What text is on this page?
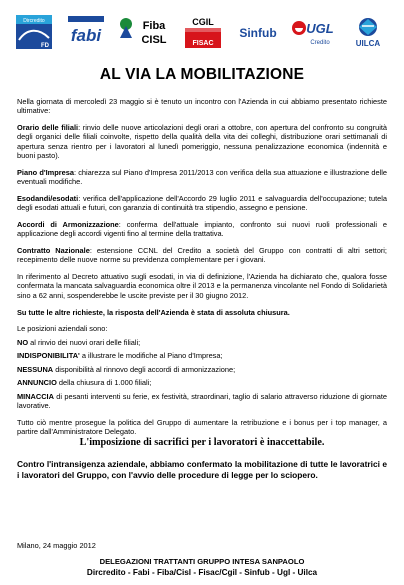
Dircredito
FD
fabi	Fiba
CISL
CGIL
FISAC
Sinfub UGL
Credito	UILCA
AL VIA LA MOBILITAZIONE

Nella giornata di mercoledì 23 maggio si è tenuto un incontro con l'Azienda in cui abbiamo presentato richieste ultimative:

Orario delle filiali: rinvio delle nuove articolazioni degli orari a ottobre, con apertura del confronto su congruità degli organici delle filiali coinvolte, rispetto della qualità della vita dei colleghi, distribuzione orari settimanali di apertura senza rientro per i lavoratori al lunedì pomeriggio, nessuna penalizzazione economica (indennità e buoni pasto).

Piano d'Impresa: chiarezza sul Piano d'Impresa 2011/2013 con verifica della sua attuazione e illustrazione delle eventuali modifiche.

Esodandi/esodati: verifica dell'applicazione dell'Accordo 29 luglio 2011 e salvaguardia dell'occupazione; tutela degli esodati attuali e futuri, con garanzia di continuità tra stipendio, assegno e pensione.

Accordi di Armonizzazione: conferma dell'attuale impianto, confronto sui nuovi ruoli professionali e applicazione degli accordi vigenti fino al termine della trattativa.

Contratto Nazionale: estensione CCNL del Credito a società del Gruppo con contratti di altri settori; recepimento delle nuove norme su previdenza complementare per i giovani.

In riferimento al Decreto attuativo sugli esodati, in via di definizione, l'Azienda ha dichiarato che, qualora fosse confermata la mancata salvaguardia economica oltre il 2013 e la permanenza vincolante nel Fondo di Solidarietà sino a 62 anni, sospenderebbe le uscite previste per il 30 giugno 2012.

Su tutte le altre richieste, la risposta dell'Azienda è stata di assoluta chiusura.

Le posizioni aziendali sono:

NO al rinvio dei nuovi orari delle filiali;

INDISPONIBILITA' a illustrare le modifiche al Piano d'Impresa;

NESSUNA disponibilità al rinnovo degli accordi di armonizzazione;

ANNUNCIO della chiusura di 1.000 filiali;

MINACCIA di pesanti interventi su ferie, ex festività, straordinari, taglio di salario attraverso riduzione di giornate lavorative.

Tutto ciò mentre prosegue la politica del Gruppo di aumentare la retribuzione e i bonus per i top manager, a partire dall'Amministratore Delegato.

L'imposizione di sacrifici per i lavoratori è inaccettabile.
Contro l'intransigenza aziendale, abbiamo confermato la mobilitazione di tutte le lavoratrici e i lavoratori del Gruppo, con l'avvio delle procedure di legge per lo sciopero.
Milano, 24 maggio 2012
DELEGAZIONI TRATTANTI GRUPPO INTESA SANPAOLO
Dircredito - Fabi - Fiba/Cisl - Fisac/Cgil - Sinfub - Ugl - Uilca
